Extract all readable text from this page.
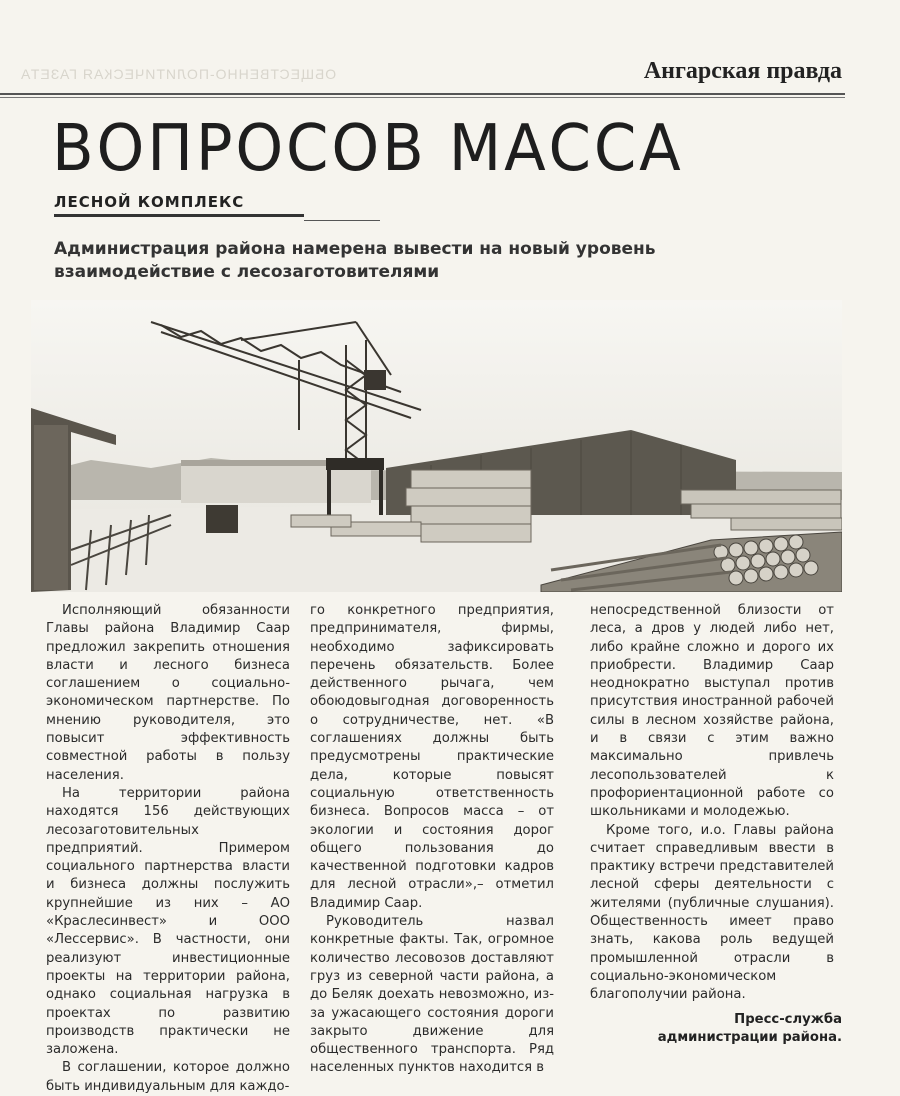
ОБЩЕСТВЕННО-ПОЛИТИЧЕСКАЯ ГАЗЕТА	Ангарская правда
ВОПРОСОВ МАССА
ЛЕСНОЙ КОМПЛЕКС
Администрация района намерена вывести на новый уровень взаимодействие с лесозаготовителями

Исполняющий обязанности Главы района Владимир Саар предложил закрепить отношения власти и лесного бизнеса соглашением о социально-экономическом партнерстве. По мнению руководителя, это повысит эффективность совместной работы в пользу населения.

На территории района находятся 156 действующих лесозаготовительных предприятий. Примером социального партнерства власти и бизнеса должны послужить крупнейшие из них – АО «Краслесинвест» и ООО «Лессервис». В частности, они реализуют инвестиционные проекты на территории района, однако социальная нагрузка в проектах по развитию производств практически не заложена.

В соглашении, которое должно быть индивидуальным для каждо-

го конкретного предприятия, предпринимателя, фирмы, необходимо зафиксировать перечень обязательств. Более действенного рычага, чем обоюдовыгодная договоренность о сотрудничестве, нет. «В соглашениях должны быть предусмотрены практические дела, которые повысят социальную ответственность бизнеса. Вопросов масса – от экологии и состояния дорог общего пользования до качественной подготовки кадров для лесной отрасли»,– отметил Владимир Саар.

Руководитель назвал конкретные факты. Так, огромное количество лесовозов доставляют груз из северной части района, а до Беляк доехать невозможно, из-за ужасающего состояния дороги закрыто движение для общественного транспорта. Ряд населенных пунктов находится в

непосредственной близости от леса, а дров у людей либо нет, либо крайне сложно и дорого их приобрести. Владимир Саар неоднократно выступал против присутствия иностранной рабочей силы в лесном хозяйстве района, и в связи с этим важно максимально привлечь лесопользователей к профориентационной работе со школьниками и молодежью.

Кроме того, и.о. Главы района считает справедливым ввести в практику встречи представителей лесной сферы деятельности с жителями (публичные слушания). Общественность имеет право знать, какова роль ведущей промышленной отрасли в социально-экономическом благополучии района.

Пресс-служба
администрации района.
